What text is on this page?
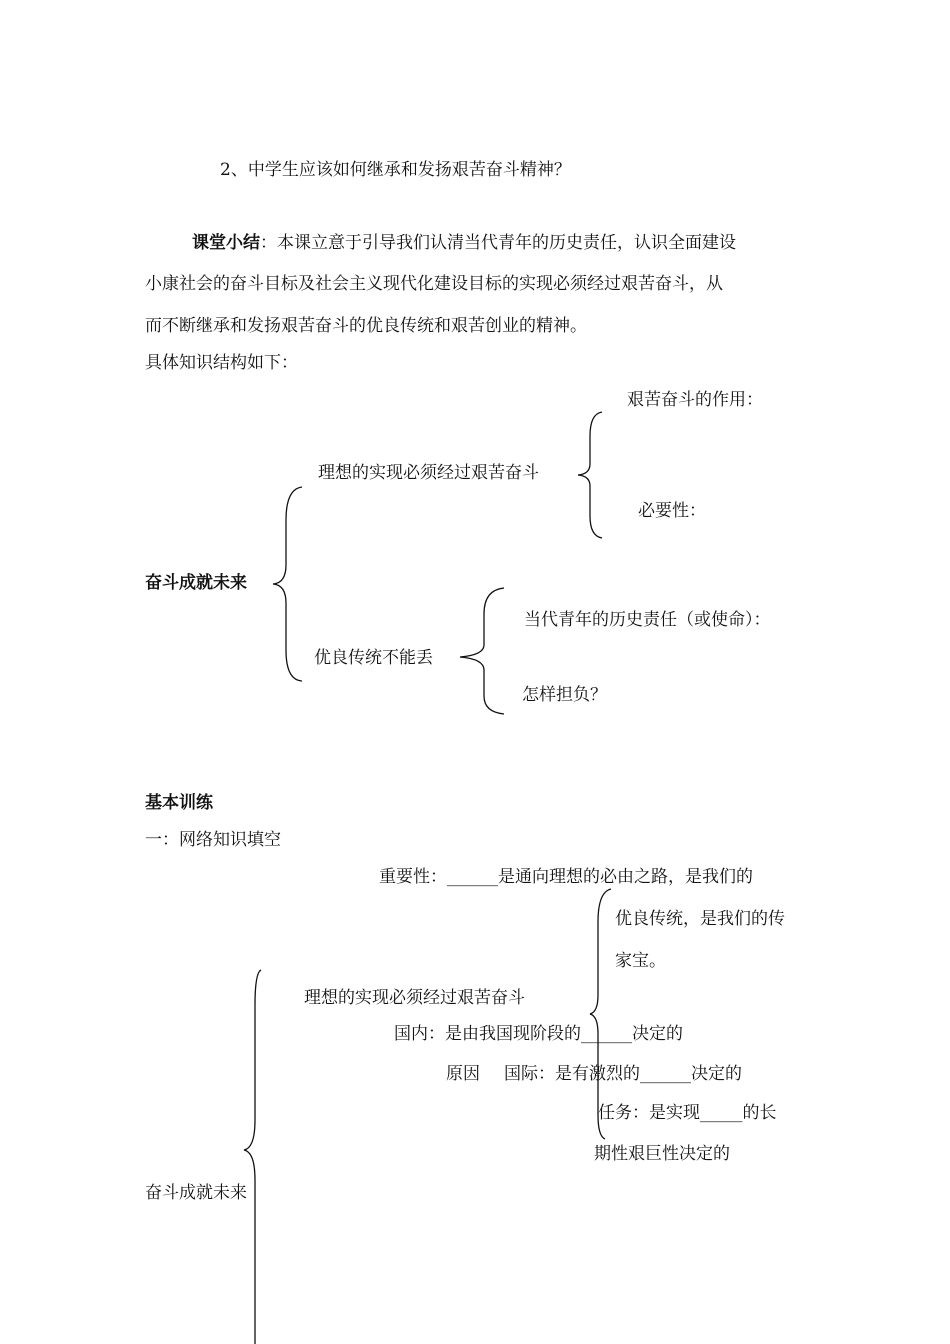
2、中学生应该如何继承和发扬艰苦奋斗精神？
课堂小结：本课立意于引导我们认清当代青年的历史责任，认识全面建设
小康社会的奋斗目标及社会主义现代化建设目标的实现必须经过艰苦奋斗，从
而不断继承和发扬艰苦奋斗的优良传统和艰苦创业的精神。
具体知识结构如下：
艰苦奋斗的作用：
理想的实现必须经过艰苦奋斗
必要性：
奋斗成就未来
当代青年的历史责任（或使命）：
优良传统不能丢
怎样担负？
基本训练
一：网络知识填空
重要性：______是通向理想的必由之路，是我们的
优良传统，是我们的传
家宝。
理想的实现必须经过艰苦奋斗
国内：是由我国现阶段的______决定的
原因 国际：是有激烈的______决定的
任务：是实现_____的长
期性艰巨性决定的
奋斗成就未来
